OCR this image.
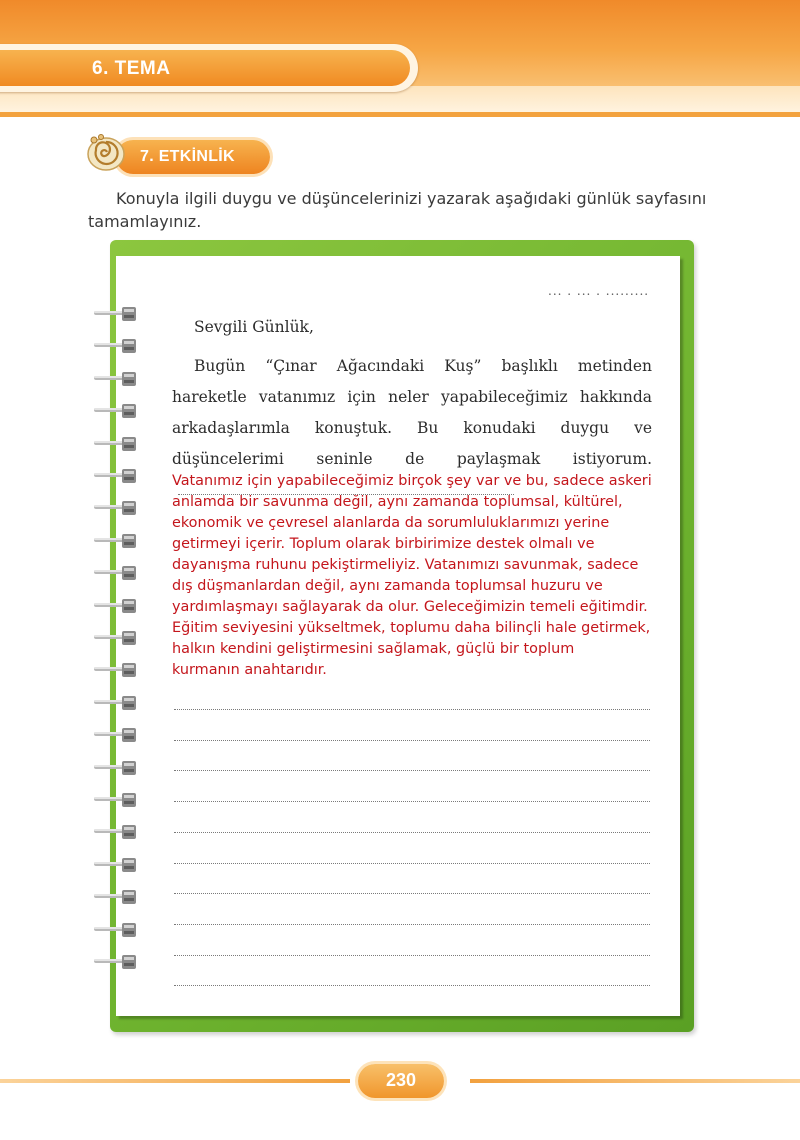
6. TEMA
7. ETKİNLİK

Konuyla ilgili duygu ve düşüncelerinizi yazarak aşağıdaki günlük sayfasını tamamlayınız.

... . ... . .........

Sevgili Günlük,

Bugün “Çınar Ağacındaki Kuş” başlıklı metinden hareketle vatanımız için neler yapabileceğimiz hakkında arkadaşlarımla konuştuk. Bu konudaki duygu ve düşüncelerimi seninle de paylaşmak istiyorum.

Vatanımız için yapabileceğimiz birçok şey var ve bu, sadece askeri
anlamda bir savunma değil, aynı zamanda toplumsal, kültürel,
ekonomik ve çevresel alanlarda da sorumluluklarımızı yerine
getirmeyi içerir. Toplum olarak birbirimize destek olmalı ve
dayanışma ruhunu pekiştirmeliyiz. Vatanımızı savunmak, sadece
dış düşmanlardan değil, aynı zamanda toplumsal huzuru ve
yardımlaşmayı sağlayarak da olur. Geleceğimizin temeli eğitimdir.
Eğitim seviyesini yükseltmek, toplumu daha bilinçli hale getirmek,
halkın kendini geliştirmesini sağlamak, güçlü bir toplum
kurmanın anahtarıdır.
230
